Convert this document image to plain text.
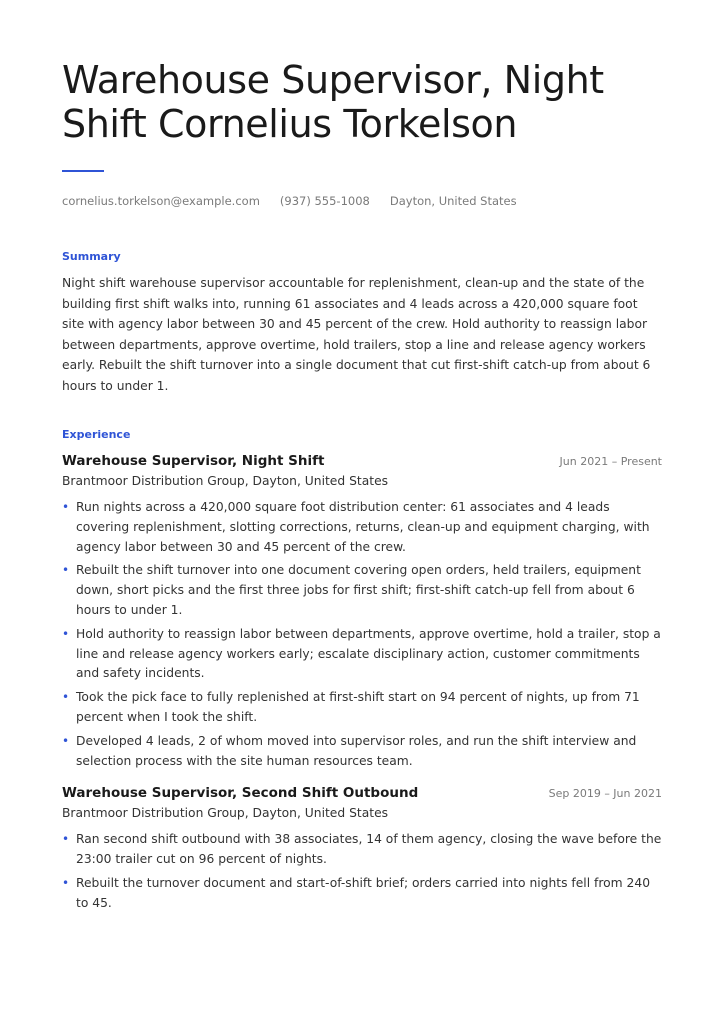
Warehouse Supervisor, Night Shift Cornelius Torkelson
cornelius.torkelson@example.com (937) 555-1008 Dayton, United States
Summary

Night shift warehouse supervisor accountable for replenishment, clean-up and the state of the building first shift walks into, running 61 associates and 4 leads across a 420,000 square foot site with agency labor between 30 and 45 percent of the crew. Hold authority to reassign labor between departments, approve overtime, hold trailers, stop a line and release agency workers early. Rebuilt the shift turnover into a single document that cut first-shift catch-up from about 6 hours to under 1.

Experience
Warehouse Supervisor, Night Shift	Jun 2021 – Present
Brantmoor Distribution Group, Dayton, United States
• Run nights across a 420,000 square foot distribution center: 61 associates and 4 leads covering replenishment, slotting corrections, returns, clean-up and equipment charging, with agency labor between 30 and 45 percent of the crew.
• Rebuilt the shift turnover into one document covering open orders, held trailers, equipment down, short picks and the first three jobs for first shift; first-shift catch-up fell from about 6 hours to under 1.
• Hold authority to reassign labor between departments, approve overtime, hold a trailer, stop a line and release agency workers early; escalate disciplinary action, customer commitments and safety incidents.
• Took the pick face to fully replenished at first-shift start on 94 percent of nights, up from 71 percent when I took the shift.
• Developed 4 leads, 2 of whom moved into supervisor roles, and run the shift interview and selection process with the site human resources team.
Warehouse Supervisor, Second Shift Outbound	Sep 2019 – Jun 2021
Brantmoor Distribution Group, Dayton, United States
• Ran second shift outbound with 38 associates, 14 of them agency, closing the wave before the 23:00 trailer cut on 96 percent of nights.
• Rebuilt the turnover document and start-of-shift brief; orders carried into nights fell from 240 to 45.
